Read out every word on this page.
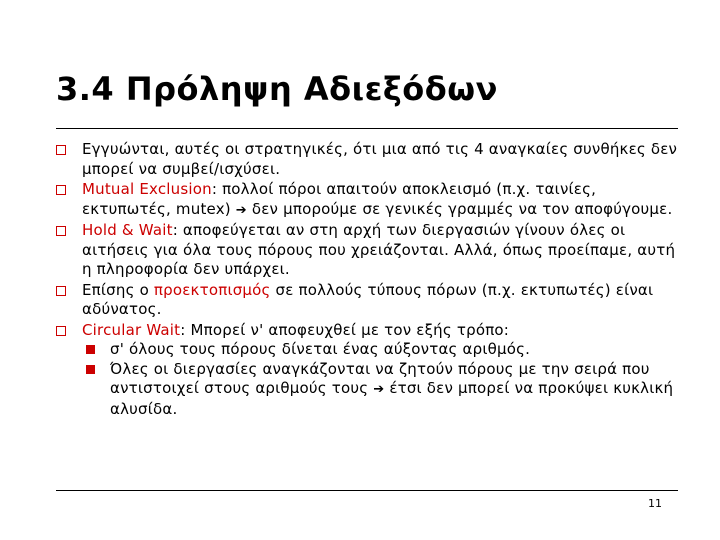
3.4 Πρόληψη Αδιεξόδων
Εγγυώνται, αυτές οι στρατηγικές, ότι μια από τις 4 αναγκαίες συνθήκες δεν μπορεί να συμβεί/ισχύσει.
Mutual Exclusion: πολλοί πόροι απαιτούν αποκλεισμό (π.χ. ταινίες, εκτυπωτές, mutex) ➔ δεν μπορούμε σε γενικές γραμμές να τον αποφύγουμε.
Hold & Wait: αποφεύγεται αν στη αρχή των διεργασιών γίνουν όλες οι αιτήσεις για όλα τους πόρους που χρειάζονται. Αλλά, όπως προείπαμε, αυτή η πληροφορία δεν υπάρχει.
Επίσης ο προεκτοπισμός σε πολλούς τύπους πόρων (π.χ. εκτυπωτές) είναι αδύνατος.
Circular Wait: Μπορεί ν' αποφευχθεί με τον εξής τρόπο:
σ' όλους τους πόρους δίνεται ένας αύξοντας αριθμός.
Όλες οι διεργασίες αναγκάζονται να ζητούν πόρους με την σειρά που αντιστοιχεί στους αριθμούς τους ➔ έτσι δεν μπορεί να προκύψει κυκλική αλυσίδα.
11
